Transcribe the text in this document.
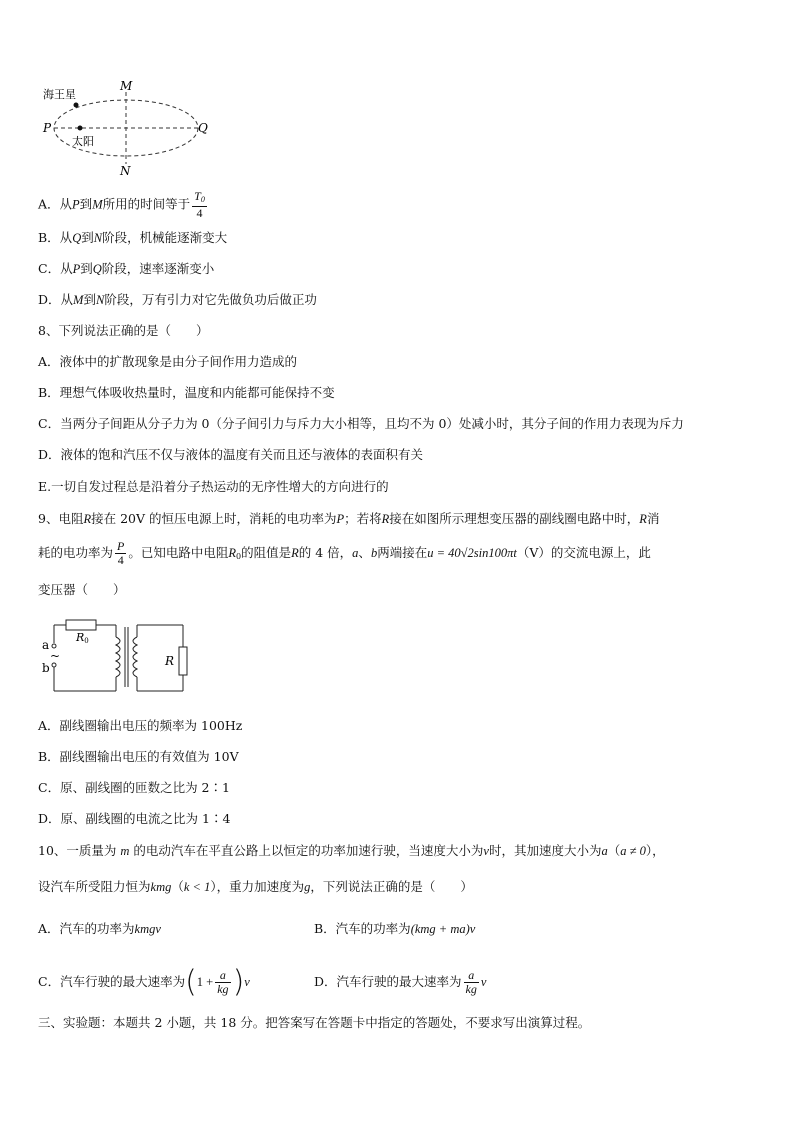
海王星
太阳
P	Q
M
N
A．从P到M所用的时间等于 $\frac{T_0}{4}$
B．从Q到N阶段，机械能逐渐变大
C．从P到Q阶段，速率逐渐变小
D．从M到N阶段，万有引力对它先做负功后做正功
8、下列说法正确的是（　　）
A．液体中的扩散现象是由分子间作用力造成的
B．理想气体吸收热量时，温度和内能都可能保持不变
C．当两分子间距从分子力为 0（分子间引力与斥力大小相等，且均不为 0）处减小时，其分子间的作用力表现为斥力
D．液体的饱和汽压不仅与液体的温度有关而且还与液体的表面积有关
E.一切自发过程总是沿着分子热运动的无序性增大的方向进行的
9、电阻R接在 20V 的恒压电源上时，消耗的电功率为P；若将R接在如图所示理想变压器的副线圈电路中时，R消
耗的电功率为 $\frac{P}{4}$ 。已知电路中电阻$R_0$的阻值是R的 4 倍，a、b两端接在u = 40√2sin100πt（V）的交流电源上，此
变压器（　　）
a
~
b
R0
R
A．副线圈输出电压的频率为 100Hz
B．副线圈输出电压的有效值为 10V
C．原、副线圈的匝数之比为 2∶1
D．原、副线圈的电流之比为 1∶4
10、一质量为 m 的电动汽车在平直公路上以恒定的功率加速行驶，当速度大小为v时，其加速度大小为a（a ≠ 0），
设汽车所受阻力恒为kmg（k < 1），重力加速度为g，下列说法正确的是（　　）
A．汽车的功率为kmgv	B．汽车的功率为(kmg + ma)v
C．汽车行驶的最大速率为$(1 + \frac{a}{kg} )v$	D．汽车行驶的最大速率为 $\frac{a}{kg}$ v
三、实验题：本题共 2 小题，共 18 分。把答案写在答题卡中指定的答题处，不要求写出演算过程。
